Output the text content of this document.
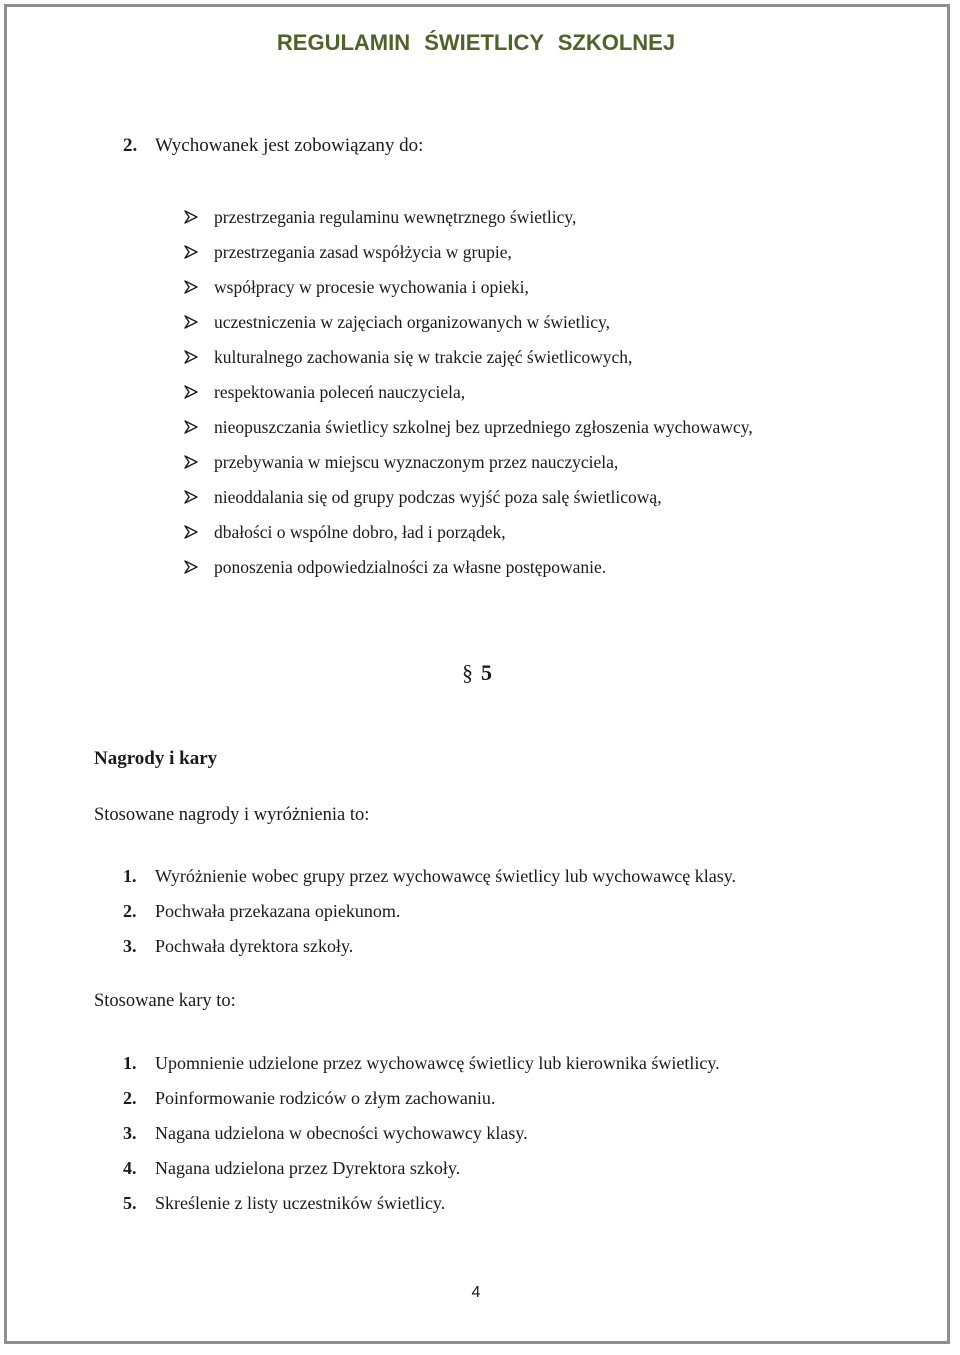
REGULAMIN ŚWIETLICY SZKOLNEJ
2. Wychowanek jest zobowiązany do:
przestrzegania regulaminu wewnętrznego świetlicy,
przestrzegania zasad współżycia w grupie,
współpracy w procesie wychowania i opieki,
uczestniczenia w zajęciach organizowanych w świetlicy,
kulturalnego zachowania się w trakcie zajęć świetlicowych,
respektowania poleceń nauczyciela,
nieopuszczania świetlicy szkolnej bez uprzedniego zgłoszenia wychowawcy,
przebywania w miejscu wyznaczonym przez nauczyciela,
nieoddalania się od grupy podczas wyjść poza salę świetlicową,
dbałości o wspólne dobro, ład i porządek,
ponoszenia odpowiedzialności za własne postępowanie.
§ 5
Nagrody i kary
Stosowane nagrody i wyróżnienia to:
1. Wyróżnienie wobec grupy przez wychowawcę świetlicy lub wychowawcę klasy.
2. Pochwała przekazana opiekunom.
3. Pochwała dyrektora szkoły.
Stosowane kary to:
1. Upomnienie udzielone przez wychowawcę świetlicy lub kierownika świetlicy.
2. Poinformowanie rodziców o złym zachowaniu.
3. Nagana udzielona w obecności wychowawcy klasy.
4. Nagana udzielona przez Dyrektora szkoły.
5. Skreślenie z listy uczestników świetlicy.
4
